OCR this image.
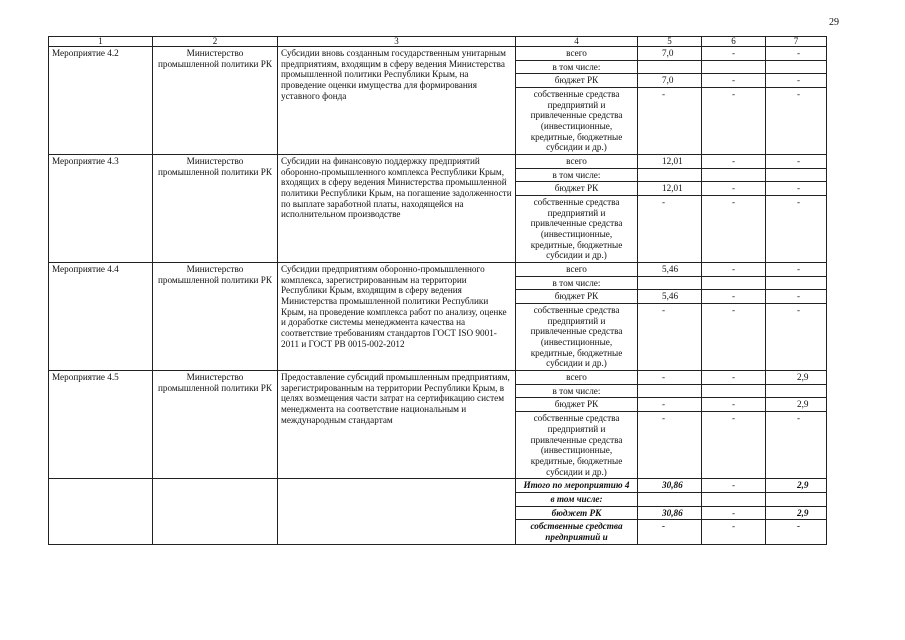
29
1	2	3	4	5	6	7
Мероприятие 4.2	Министерство промышленной политики РК	Субсидии вновь созданным государственным унитарным предприятиям, входящим в сферу ведения Министерства промышленной политики Республики Крым, на проведение оценки имущества для формирования уставного фонда	всего	7,0	-	-
			в том числе:			
			бюджет РК	7,0	-	-
			собственные средства предприятий и привлеченные средства (инвестиционные, кредитные, бюджетные субсидии и др.)	-	-	-
Мероприятие 4.3	Министерство промышленной политики РК	Субсидии на финансовую поддержку предприятий оборонно-промышленного комплекса Республики Крым, входящих в сферу ведения Министерства промышленной политики Республики Крым, на погашение задолженности по выплате заработной платы, находящейся на исполнительном производстве	всего	12,01	-	-
			в том числе:			
			бюджет РК	12,01	-	-
			собственные средства предприятий и привлеченные средства (инвестиционные, кредитные, бюджетные субсидии и др.)	-	-	-
Мероприятие 4.4	Министерство промышленной политики РК	Субсидии предприятиям оборонно-промышленного комплекса, зарегистрированным на территории Республики Крым, входящим в сферу ведения Министерства промышленной политики Республики Крым, на проведение комплекса работ по анализу, оценке и доработке системы менеджмента качества на соответствие требованиям стандартов ГОСТ ISO 9001-2011 и ГОСТ РВ 0015-002-2012	всего	5,46	-	-
			в том числе:			
			бюджет РК	5,46	-	-
			собственные средства предприятий и привлеченные средства (инвестиционные, кредитные, бюджетные субсидии и др.)	-	-	-
Мероприятие 4.5	Министерство промышленной политики РК	Предоставление субсидий промышленным предприятиям, зарегистрированным на территории Республики Крым, в целях возмещения части затрат на сертификацию систем менеджмента на соответствие национальным и международным стандартам	всего	-	-	2,9
			в том числе:			
			бюджет РК	-	-	2,9
			собственные средства предприятий и привлеченные средства (инвестиционные, кредитные, бюджетные субсидии и др.)	-	-	-
			Итого по мероприятию 4	30,86	-	2,9
			в том числе:			
			бюджет РК	30,86	-	2,9
			собственные средства предприятий и	-	-	-
